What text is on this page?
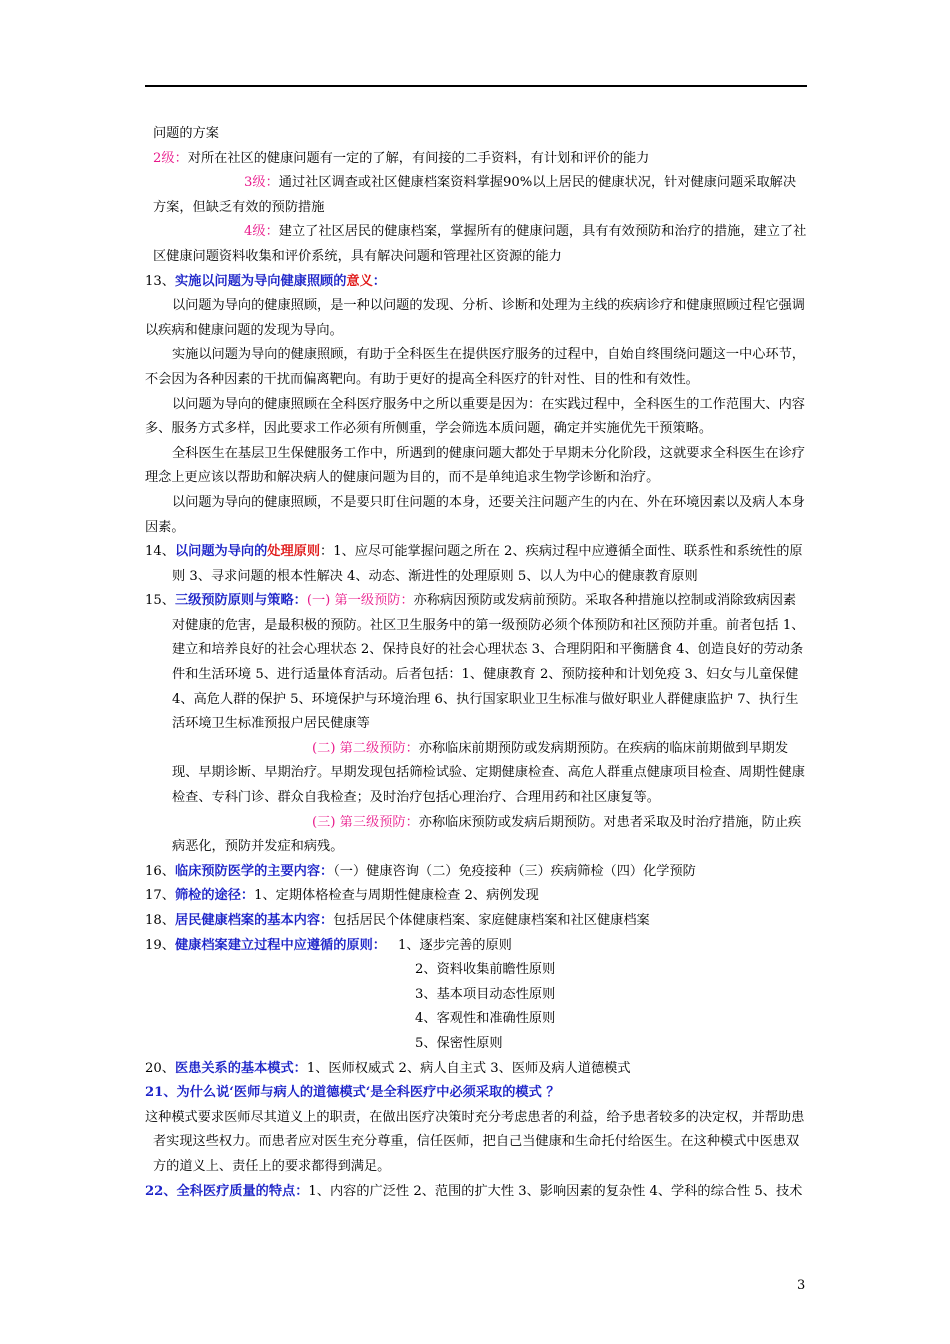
问题的方案

2级：对所在社区的健康问题有一定的了解，有间接的二手资料，有计划和评价的能力

3级：通过社区调查或社区健康档案资料掌握90%以上居民的健康状况，针对健康问题采取解决方案，但缺乏有效的预防措施

4级：建立了社区居民的健康档案，掌握所有的健康问题，具有有效预防和治疗的措施，建立了社区健康问题资料收集和评价系统，具有解决问题和管理社区资源的能力

13、实施以问题为导向健康照顾的意义：

以问题为导向的健康照顾，是一种以问题的发现、分析、诊断和处理为主线的疾病诊疗和健康照顾过程它强调以疾病和健康问题的发现为导向。

实施以问题为导向的健康照顾，有助于全科医生在提供医疗服务的过程中，自始自终围绕问题这一中心环节，不会因为各种因素的干扰而偏离靶向。有助于更好的提高全科医疗的针对性、目的性和有效性。

以问题为导向的健康照顾在全科医疗服务中之所以重要是因为：在实践过程中，全科医生的工作范围大、内容多、服务方式多样，因此要求工作必须有所侧重，学会筛选本质问题，确定并实施优先干预策略。

全科医生在基层卫生保健服务工作中，所遇到的健康问题大都处于早期未分化阶段，这就要求全科医生在诊疗理念上更应该以帮助和解决病人的健康问题为目的，而不是单纯追求生物学诊断和治疗。

以问题为导向的健康照顾，不是要只盯住问题的本身，还要关注问题产生的内在、外在环境因素以及病人本身因素。

14、以问题为导向的处理原则：1、应尽可能掌握问题之所在 2、疾病过程中应遵循全面性、联系性和系统性的原则 3、寻求问题的根本性解决 4、动态、渐进性的处理原则 5、以人为中心的健康教育原则

15、三级预防原则与策略：(一) 第一级预防：亦称病因预防或发病前预防。采取各种措施以控制或消除致病因素对健康的危害，是最积极的预防。社区卫生服务中的第一级预防必须个体预防和社区预防并重。前者包括 1、建立和培养良好的社会心理状态 2、保持良好的社会心理状态 3、合理阴阳和平衡膳食 4、创造良好的劳动条件和生活环境 5、进行适量体育活动。后者包括：1、健康教育 2、预防接种和计划免疫 3、妇女与儿童保健 4、高危人群的保护 5、环境保护与环境治理 6、执行国家职业卫生标准与做好职业人群健康监护 7、执行生活环境卫生标准预报户居民健康等

(二) 第二级预防：亦称临床前期预防或发病期预防。在疾病的临床前期做到早期发现、早期诊断、早期治疗。早期发现包括筛检试验、定期健康检查、高危人群重点健康项目检查、周期性健康检查、专科门诊、群众自我检查；及时治疗包括心理治疗、合理用药和社区康复等。

(三) 第三级预防：亦称临床预防或发病后期预防。对患者采取及时治疗措施，防止疾病恶化，预防并发症和病残。

16、临床预防医学的主要内容：（一）健康咨询（二）免疫接种（三）疾病筛检（四）化学预防

17、筛检的途径：1、定期体格检查与周期性健康检查 2、病例发现

18、居民健康档案的基本内容：包括居民个体健康档案、家庭健康档案和社区健康档案

19、健康档案建立过程中应遵循的原则： 1、逐步完善的原则

2、资料收集前瞻性原则

3、基本项目动态性原则

4、客观性和准确性原则

5、保密性原则

20、医患关系的基本模式：1、医师权威式 2、病人自主式 3、医师及病人道德模式

21、为什么说‘医师与病人的道德模式‘是全科医疗中必须采取的模式 ？

这种模式要求医师尽其道义上的职责，在做出医疗决策时充分考虑患者的利益，给予患者较多的决定权，并帮助患者实现这些权力。而患者应对医生充分尊重，信任医师，把自己当健康和生命托付给医生。在这种模式中医患双方的道义上、责任上的要求都得到满足。

22、全科医疗质量的特点：1、内容的广泛性 2、范围的扩大性 3、影响因素的复杂性 4、学科的综合性 5、技术

3
